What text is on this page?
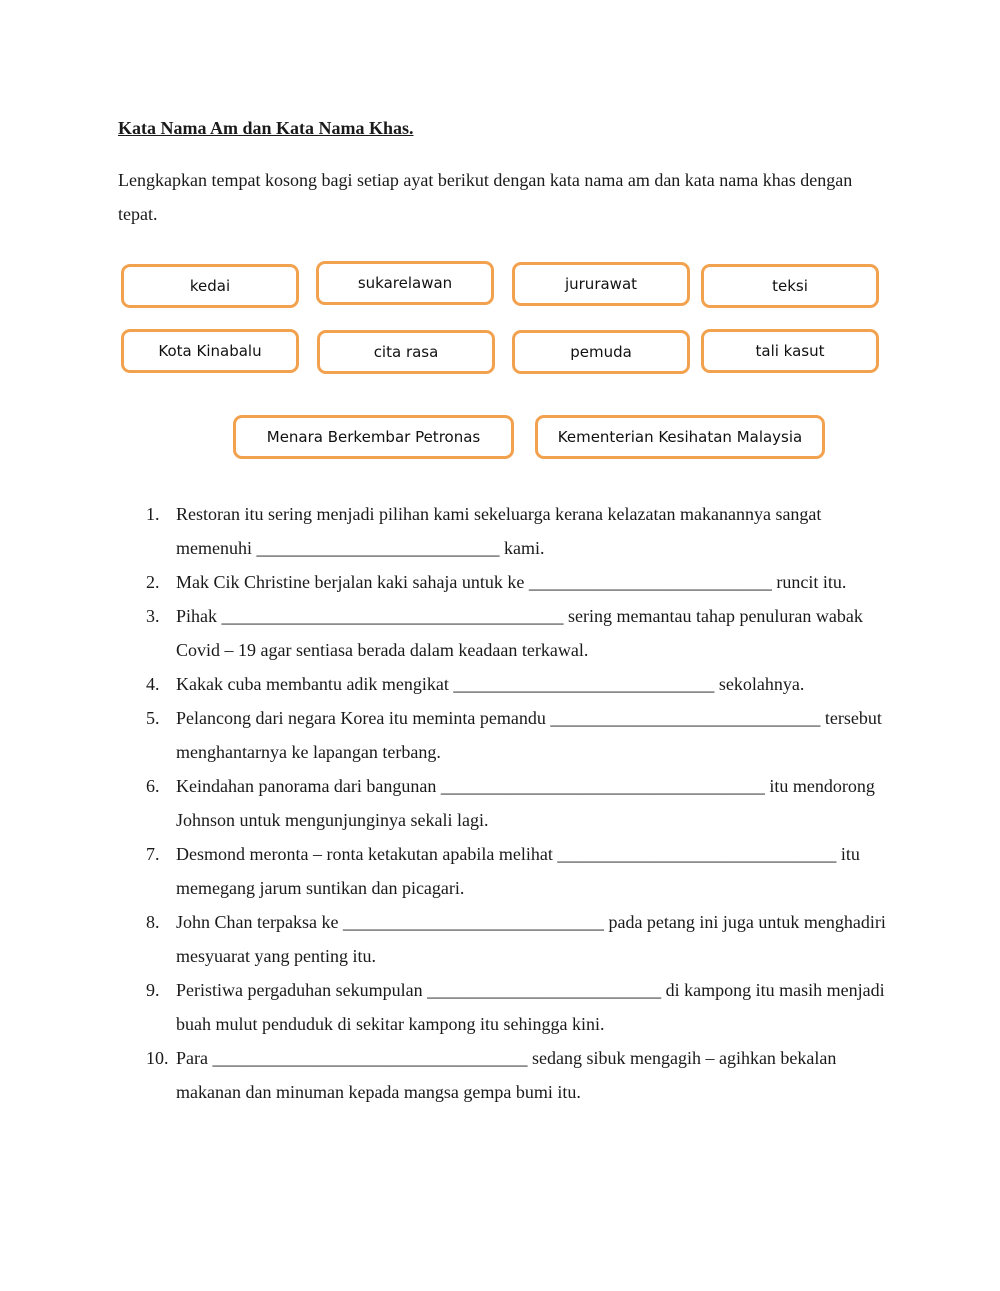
Kata Nama Am dan Kata Nama Khas.

Lengkapkan tempat kosong bagi setiap ayat berikut dengan kata nama am dan kata nama khas dengan tepat.

kedai	sukarelawan	jururawat	teksi
Kota Kinabalu	cita rasa	pemuda	tali kasut
Menara Berkembar Petronas	Kementerian Kesihatan Malaysia
1. Restoran itu sering menjadi pilihan kami sekeluarga kerana kelazatan makanannya sangat memenuhi ___________________________ kami.
2. Mak Cik Christine berjalan kaki sahaja untuk ke ___________________________ runcit itu.
3. Pihak ______________________________________ sering memantau tahap penuluran wabak Covid – 19 agar sentiasa berada dalam keadaan terkawal.
4. Kakak cuba membantu adik mengikat _____________________________ sekolahnya.
5. Pelancong dari negara Korea itu meminta pemandu ______________________________ tersebut menghantarnya ke lapangan terbang.
6. Keindahan panorama dari bangunan ____________________________________ itu mendorong Johnson untuk mengunjunginya sekali lagi.
7. Desmond meronta – ronta ketakutan apabila melihat _______________________________ itu memegang jarum suntikan dan picagari.
8. John Chan terpaksa ke _____________________________ pada petang ini juga untuk menghadiri mesyuarat yang penting itu.
9. Peristiwa pergaduhan sekumpulan __________________________ di kampong itu masih menjadi buah mulut penduduk di sekitar kampong itu sehingga kini.
10. Para ___________________________________ sedang sibuk mengagih – agihkan bekalan makanan dan minuman kepada mangsa gempa bumi itu.
